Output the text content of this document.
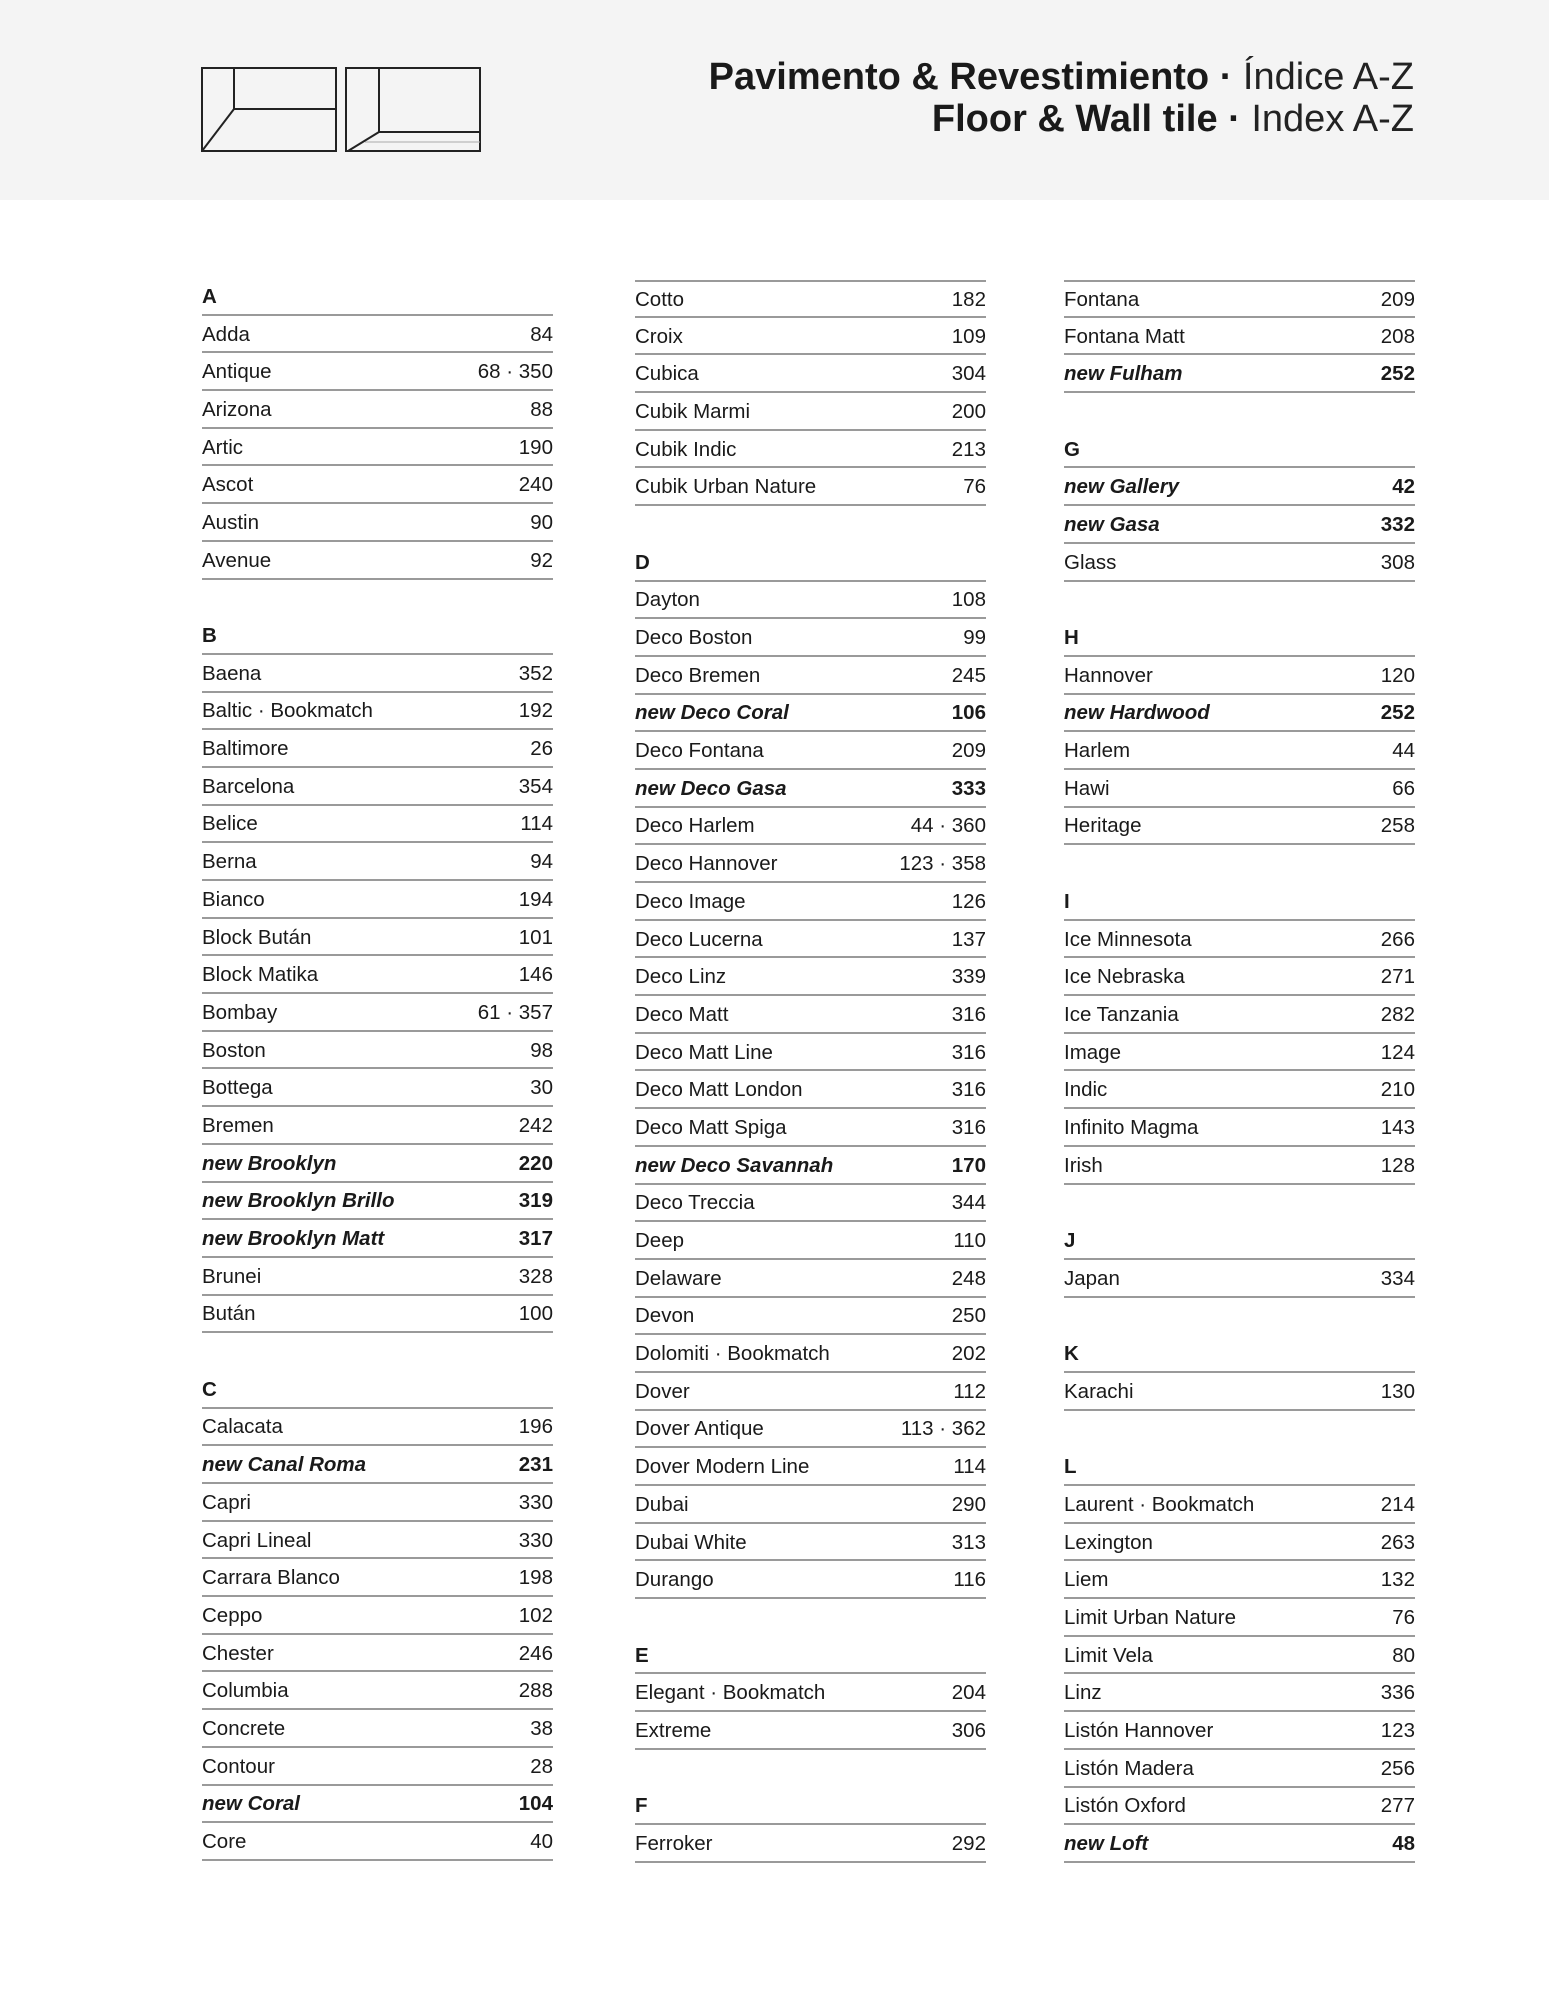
Pavimento & Revestimiento · Índice A-Z
Floor & Wall tile · Index A-Z
A
Adda	84
Antique	68 · 350
Arizona	88
Artic	190
Ascot	240
Austin	90
Avenue	92
B
Baena	352
Baltic · Bookmatch	192
Baltimore	26
Barcelona	354
Belice	114
Berna	94
Bianco	194
Block Bután	101
Block Matika	146
Bombay	61 · 357
Boston	98
Bottega	30
Bremen	242
new Brooklyn	220
new Brooklyn Brillo	319
new Brooklyn Matt	317
Brunei	328
Bután	100
C
Calacata	196
new Canal Roma	231
Capri	330
Capri Lineal	330
Carrara Blanco	198
Ceppo	102
Chester	246
Columbia	288
Concrete	38
Contour	28
new Coral	104
Core	40
Cotto	182
Croix	109
Cubica	304
Cubik Marmi	200
Cubik Indic	213
Cubik Urban Nature	76
D
Dayton	108
Deco Boston	99
Deco Bremen	245
new Deco Coral	106
Deco Fontana	209
new Deco Gasa	333
Deco Harlem	44 · 360
Deco Hannover	123 · 358
Deco Image	126
Deco Lucerna	137
Deco Linz	339
Deco Matt	316
Deco Matt Line	316
Deco Matt London	316
Deco Matt Spiga	316
new Deco Savannah	170
Deco Treccia	344
Deep	110
Delaware	248
Devon	250
Dolomiti · Bookmatch	202
Dover	112
Dover Antique	113 · 362
Dover Modern Line	114
Dubai	290
Dubai White	313
Durango	116
E
Elegant · Bookmatch	204
Extreme	306
F
Ferroker	292
Fontana	209
Fontana Matt	208
new Fulham	252
G
new Gallery	42
new Gasa	332
Glass	308
H
Hannover	120
new Hardwood	252
Harlem	44
Hawi	66
Heritage	258
I
Ice Minnesota	266
Ice Nebraska	271
Ice Tanzania	282
Image	124
Indic	210
Infinito Magma	143
Irish	128
J
Japan	334
K
Karachi	130
L
Laurent · Bookmatch	214
Lexington	263
Liem	132
Limit Urban Nature	76
Limit Vela	80
Linz	336
Listón Hannover	123
Listón Madera	256
Listón Oxford	277
new Loft	48
